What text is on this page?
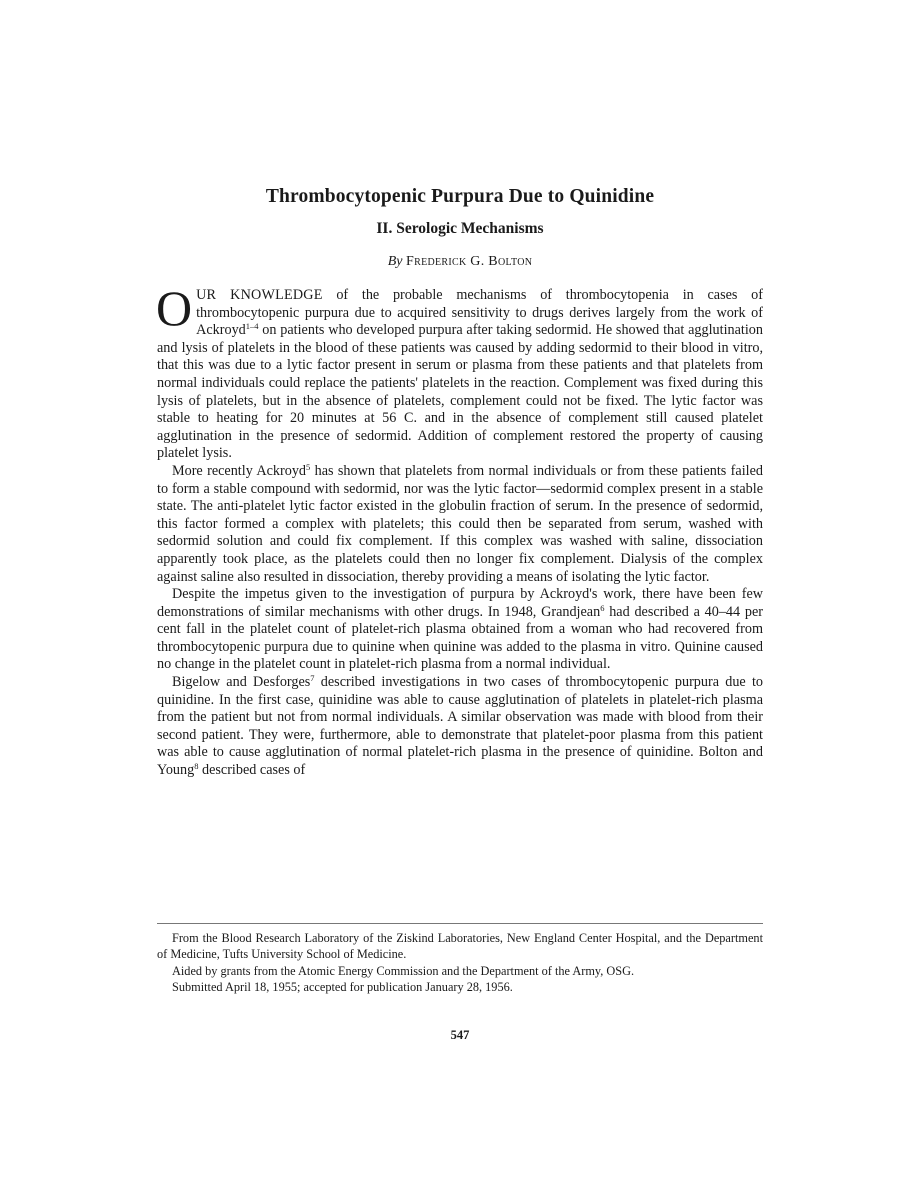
Thrombocytopenic Purpura Due to Quinidine
II. Serologic Mechanisms
By Frederick G. Bolton

OUR KNOWLEDGE of the probable mechanisms of thrombocytopenia in cases of thrombocytopenic purpura due to acquired sensitivity to drugs derives largely from the work of Ackroyd$^{1-4}$ on patients who developed purpura after taking sedormid. He showed that agglutination and lysis of platelets in the blood of these patients was caused by adding sedormid to their blood in vitro, that this was due to a lytic factor present in serum or plasma from these patients and that platelets from normal individuals could replace the patients' platelets in the reaction. Complement was fixed during this lysis of platelets, but in the absence of platelets, complement could not be fixed. The lytic factor was stable to heating for 20 minutes at 56 C. and in the absence of complement still caused platelet agglutination in the presence of sedormid. Addition of complement restored the property of causing platelet lysis.

More recently Ackroyd$^5$ has shown that platelets from normal individuals or from these patients failed to form a stable compound with sedormid, nor was the lytic factor—sedormid complex present in a stable state. The anti-platelet lytic factor existed in the globulin fraction of serum. In the presence of sedormid, this factor formed a complex with platelets; this could then be separated from serum, washed with sedormid solution and could fix complement. If this complex was washed with saline, dissociation apparently took place, as the platelets could then no longer fix complement. Dialysis of the complex against saline also resulted in dissociation, thereby providing a means of isolating the lytic factor.

Despite the impetus given to the investigation of purpura by Ackroyd's work, there have been few demonstrations of similar mechanisms with other drugs. In 1948, Grandjean$^6$ had described a 40–44 per cent fall in the platelet count of platelet-rich plasma obtained from a woman who had recovered from thrombocytopenic purpura due to quinine when quinine was added to the plasma in vitro. Quinine caused no change in the platelet count in platelet-rich plasma from a normal individual.

Bigelow and Desforges$^7$ described investigations in two cases of thrombocytopenic purpura due to quinidine. In the first case, quinidine was able to cause agglutination of platelets in platelet-rich plasma from the patient but not from normal individuals. A similar observation was made with blood from their second patient. They were, furthermore, able to demonstrate that platelet-poor plasma from this patient was able to cause agglutination of normal platelet-rich plasma in the presence of quinidine. Bolton and Young$^8$ described cases of

From the Blood Research Laboratory of the Ziskind Laboratories, New England Center Hospital, and the Department of Medicine, Tufts University School of Medicine.

Aided by grants from the Atomic Energy Commission and the Department of the Army, OSG.

Submitted April 18, 1955; accepted for publication January 28, 1956.

547
